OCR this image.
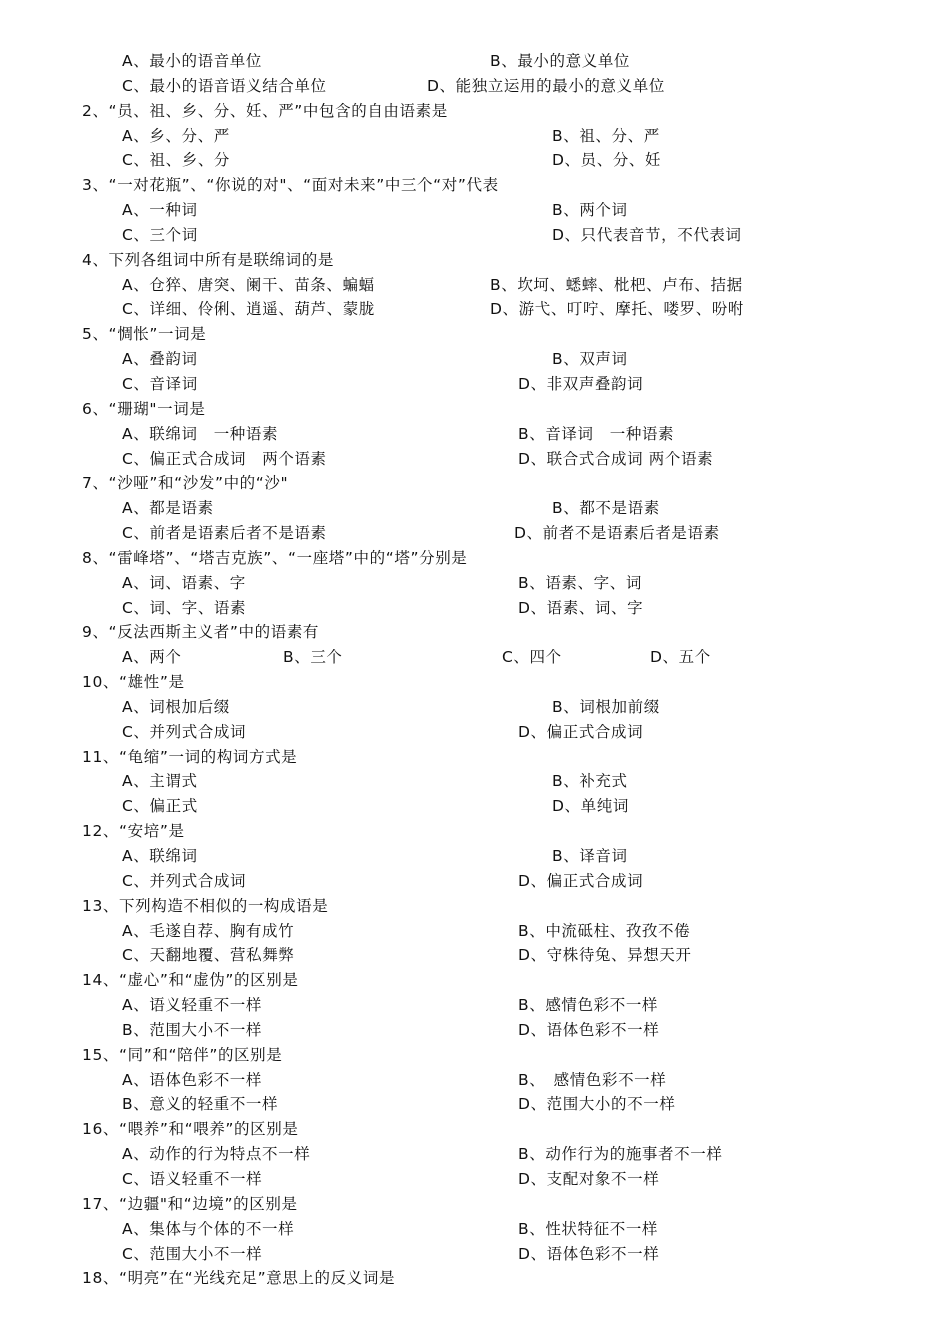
A、最小的语音单位	B、最小的意义单位
C、最小的语音语义结合单位	D、能独立运用的最小的意义单位
2、“员、祖、乡、分、妊、严”中包含的自由语素是
A、乡、分、严	B、祖、分、严
C、祖、乡、分	D、员、分、妊
3、“一对花瓶”、“你说的对"、“面对未来”中三个“对”代表
A、一种词	B、两个词
C、三个词	D、只代表音节，不代表词
4、下列各组词中所有是联绵词的是
A、仓猝、唐突、阑干、苗条、蝙蝠	B、坎坷、蟋蟀、枇杷、卢布、拮据
C、详细、伶俐、逍遥、葫芦、蒙胧	D、游弋、叮咛、摩托、喽罗、吩咐
5、“惆怅”一词是
A、叠韵词	B、双声词
C、音译词	D、非双声叠韵词
6、“珊瑚"一词是
A、联绵词　一种语素	B、音译词　一种语素
C、偏正式合成词　两个语素	D、联合式合成词 两个语素
7、“沙哑”和“沙发”中的“沙"
A、都是语素	B、都不是语素
C、前者是语素后者不是语素	D、前者不是语素后者是语素
8、“雷峰塔”、“塔吉克族”、“一座塔”中的“塔”分别是
A、词、语素、字	B、语素、字、词
C、词、字、语素	D、语素、词、字
9、“反法西斯主义者”中的语素有
A、两个	B、三个	C、四个	D、五个
10、“雄性”是
A、词根加后缀	B、词根加前缀
C、并列式合成词	D、偏正式合成词
11、“龟缩”一词的构词方式是
A、主谓式	B、补充式
C、偏正式	D、单纯词
12、“安培”是
A、联绵词	B、译音词
C、并列式合成词	D、偏正式合成词
13、下列构造不相似的一构成语是
A、毛遂自荐、胸有成竹	B、中流砥柱、孜孜不倦
C、天翻地覆、营私舞弊	D、守株待兔、异想天开
14、“虚心”和“虚伪”的区别是
A、语义轻重不一样	B、感情色彩不一样
B、范围大小不一样	D、语体色彩不一样
15、“同”和“陪伴”的区别是
A、语体色彩不一样	B、　感情色彩不一样
B、意义的轻重不一样	D、范围大小的不一样
16、“喂养”和“喂养”的区别是
A、动作的行为特点不一样	B、动作行为的施事者不一样
C、语义轻重不一样	D、支配对象不一样
17、“边疆"和“边境”的区别是
A、集体与个体的不一样	B、性状特征不一样
C、范围大小不一样	D、语体色彩不一样
18、“明亮”在“光线充足”意思上的反义词是
